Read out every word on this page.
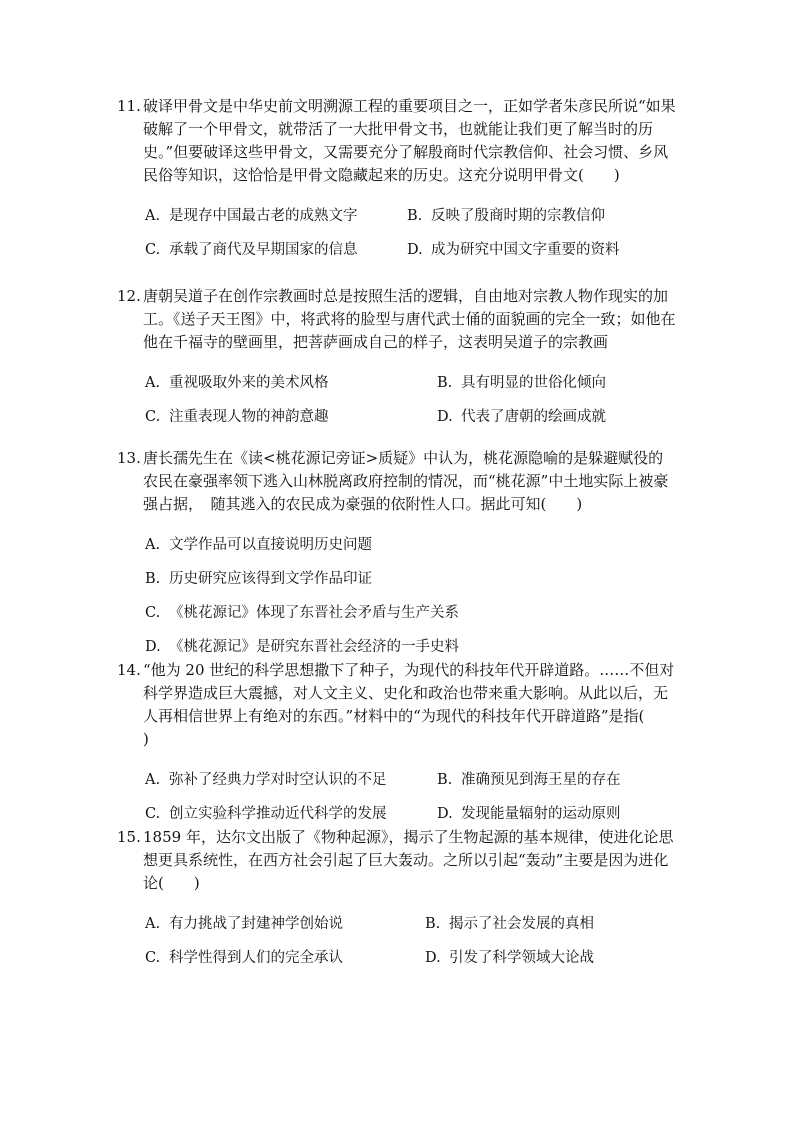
11. 破译甲骨文是中华史前文明溯源工程的重要项目之一，正如学者朱彦民所说“如果破解了一个甲骨文，就带活了一大批甲骨文书，也就能让我们更了解当时的历史。”但要破译这些甲骨文，又需要充分了解殷商时代宗教信仰、社会习惯、乡风民俗等知识，这恰恰是甲骨文隐藏起来的历史。这充分说明甲骨文(　　)

A. 是现存中国最古老的成熟文字	B. 反映了殷商时期的宗教信仰
C. 承载了商代及早期国家的信息	D. 成为研究中国文字重要的资料

12. 唐朝吴道子在创作宗教画时总是按照生活的逻辑，自由地对宗教人物作现实的加工。《送子天王图》中，将武将的脸型与唐代武士俑的面貌画的完全一致；如他在他在千福寺的壁画里，把菩萨画成自己的样子，这表明吴道子的宗教画

A. 重视吸取外来的美术风格	B. 具有明显的世俗化倾向
C. 注重表现人物的神韵意趣	D. 代表了唐朝的绘画成就

13. 唐长孺先生在《读<桃花源记旁证>质疑》中认为，桃花源隐喻的是躲避赋役的农民在豪强率领下逃入山林脱离政府控制的情况，而“桃花源”中土地实际上被豪强占据，　随其逃入的农民成为豪强的依附性人口。据此可知(　　)

A. 文学作品可以直接说明历史问题
B. 历史研究应该得到文学作品印证
C. 《桃花源记》体现了东晋社会矛盾与生产关系
D. 《桃花源记》是研究东晋社会经济的一手史料

14. “他为 20 世纪的科学思想撒下了种子，为现代的科技年代开辟道路。……不但对科学界造成巨大震撼，对人文主义、史化和政治也带来重大影响。从此以后，无人再相信世界上有绝对的东西。”材料中的“为现代的科技年代开辟道路”是指(　　)

A. 弥补了经典力学对时空认识的不足	B. 准确预见到海王星的存在
C. 创立实验科学推动近代科学的发展	D. 发现能量辐射的运动原则

15. 1859 年，达尔文出版了《物种起源》，揭示了生物起源的基本规律，使进化论思想更具系统性，在西方社会引起了巨大轰动。之所以引起“轰动”主要是因为进化论(　　)

A. 有力挑战了封建神学创始说	B. 揭示了社会发展的真相
C. 科学性得到人们的完全承认	D. 引发了科学领域大论战
